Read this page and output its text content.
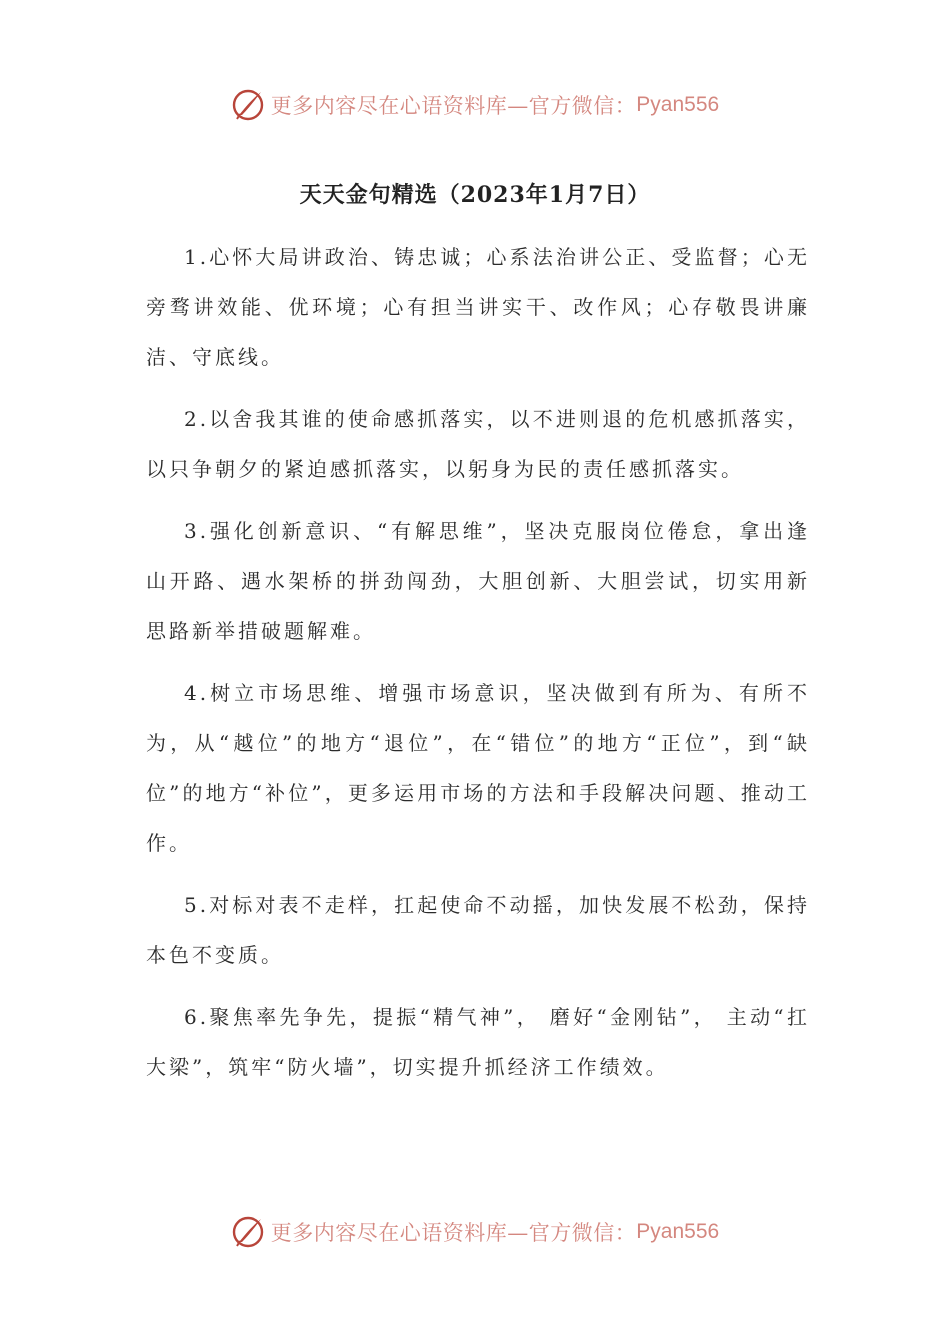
更多内容尽在心语资料库—官方微信： Pyan556
天天金句精选（2023年1月7日）

1.心怀大局讲政治、铸忠诚；心系法治讲公正、受监督；心无旁骛讲效能、优环境；心有担当讲实干、改作风；心存敬畏讲廉洁、守底线。

2.以舍我其谁的使命感抓落实，以不进则退的危机感抓落实，以只争朝夕的紧迫感抓落实，以躬身为民的责任感抓落实。

3.强化创新意识、“有解思维”，坚决克服岗位倦怠，拿出逢山开路、遇水架桥的拼劲闯劲，大胆创新、大胆尝试，切实用新思路新举措破题解难。

4.树立市场思维、增强市场意识，坚决做到有所为、有所不为，从“越位”的地方“退位”，在“错位”的地方“正位”，到“缺位”的地方“补位”，更多运用市场的方法和手段解决问题、推动工作。

5.对标对表不走样，扛起使命不动摇，加快发展不松劲，保持本色不变质。

6.聚焦率先争先，提振“精气神”， 磨好“金刚钻”， 主动“扛大梁”，筑牢“防火墙”，切实提升抓经济工作绩效。

更多内容尽在心语资料库—官方微信： Pyan556
